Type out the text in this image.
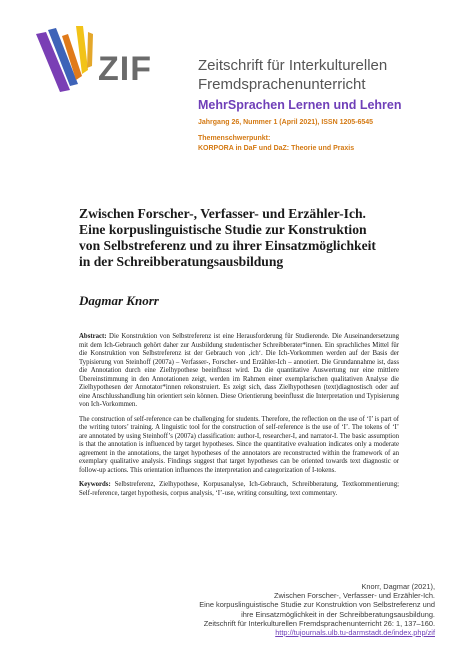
ZIF	Zeitschrift für Interkulturellen
Fremdsprachenunterricht
MehrSprachen Lernen und Lehren
Jahrgang 26, Nummer 1 (April 2021), ISSN 1205-6545
Themenschwerpunkt:
KORPORA in DaF und DaZ: Theorie und Praxis
Zwischen Forscher-, Verfasser- und Erzähler-Ich.
Eine korpuslinguistische Studie zur Konstruktion
von Selbstreferenz und zu ihrer Einsatzmöglichkeit
in der Schreibberatungsausbildung
Dagmar Knorr

Abstract: Die Konstruktion von Selbstreferenz ist eine Herausforderung für Studierende. Die Auseinandersetzung mit dem Ich-Gebrauch gehört daher zur Ausbildung studentischer Schreibberater*innen. Ein sprachliches Mittel für die Konstruktion von Selbstreferenz ist der Gebrauch von ‚ich‘. Die Ich-Vorkommen werden auf der Basis der Typisierung von Steinhoff (2007a) – Verfasser-, Forscher- und Erzähler-Ich – annotiert. Die Grundannahme ist, dass die Annotation durch eine Zielhypothese beeinflusst wird. Da die quantitative Auswertung nur eine mittlere Übereinstimmung in den Annotationen zeigt, werden im Rahmen einer exemplarischen qualitativen Analyse die Zielhypothesen der Annotator*innen rekonstruiert. Es zeigt sich, dass Zielhypothesen (text)diagnostisch oder auf eine Anschlusshandlung hin orientiert sein können. Diese Orientierung beeinflusst die Interpretation und Typisierung von Ich-Vorkommen.

The construction of self-reference can be challenging for students. Therefore, the reflection on the use of ‘I’ is part of the writing tutors’ training. A linguistic tool for the construction of self-reference is the use of ‘I’. The tokens of ‘I’ are annotated by using Steinhoff’s (2007a) classification: author-I, researcher-I, and narrator-I. The basic assumption is that the annotation is influenced by target hypotheses. Since the quantitative evaluation indicates only a moderate agreement in the annotations, the target hypotheses of the annotators are reconstructed within the framework of an exemplary qualitative analysis. Findings suggest that target hypotheses can be oriented towards text diagnostic or follow-up actions. This orientation influences the interpretation and categorization of I-tokens.

Keywords: Selbstreferenz, Zielhypothese, Korpusanalyse, Ich-Gebrauch, Schreibberatung, Textkommentierung; Self-reference, target hypothesis, corpus analysis, ‘I’-use, writing consulting, text commentary.

Knorr, Dagmar (2021),
Zwischen Forscher-, Verfasser- und Erzähler-Ich.
Eine korpuslinguistische Studie zur Konstruktion von Selbstreferenz und
ihre Einsatzmöglichkeit in der Schreibberatungsausbildung.
Zeitschrift für Interkulturellen Fremdsprachenunterricht 26: 1, 137–160.
http://tujournals.ulb.tu-darmstadt.de/index.php/zif
